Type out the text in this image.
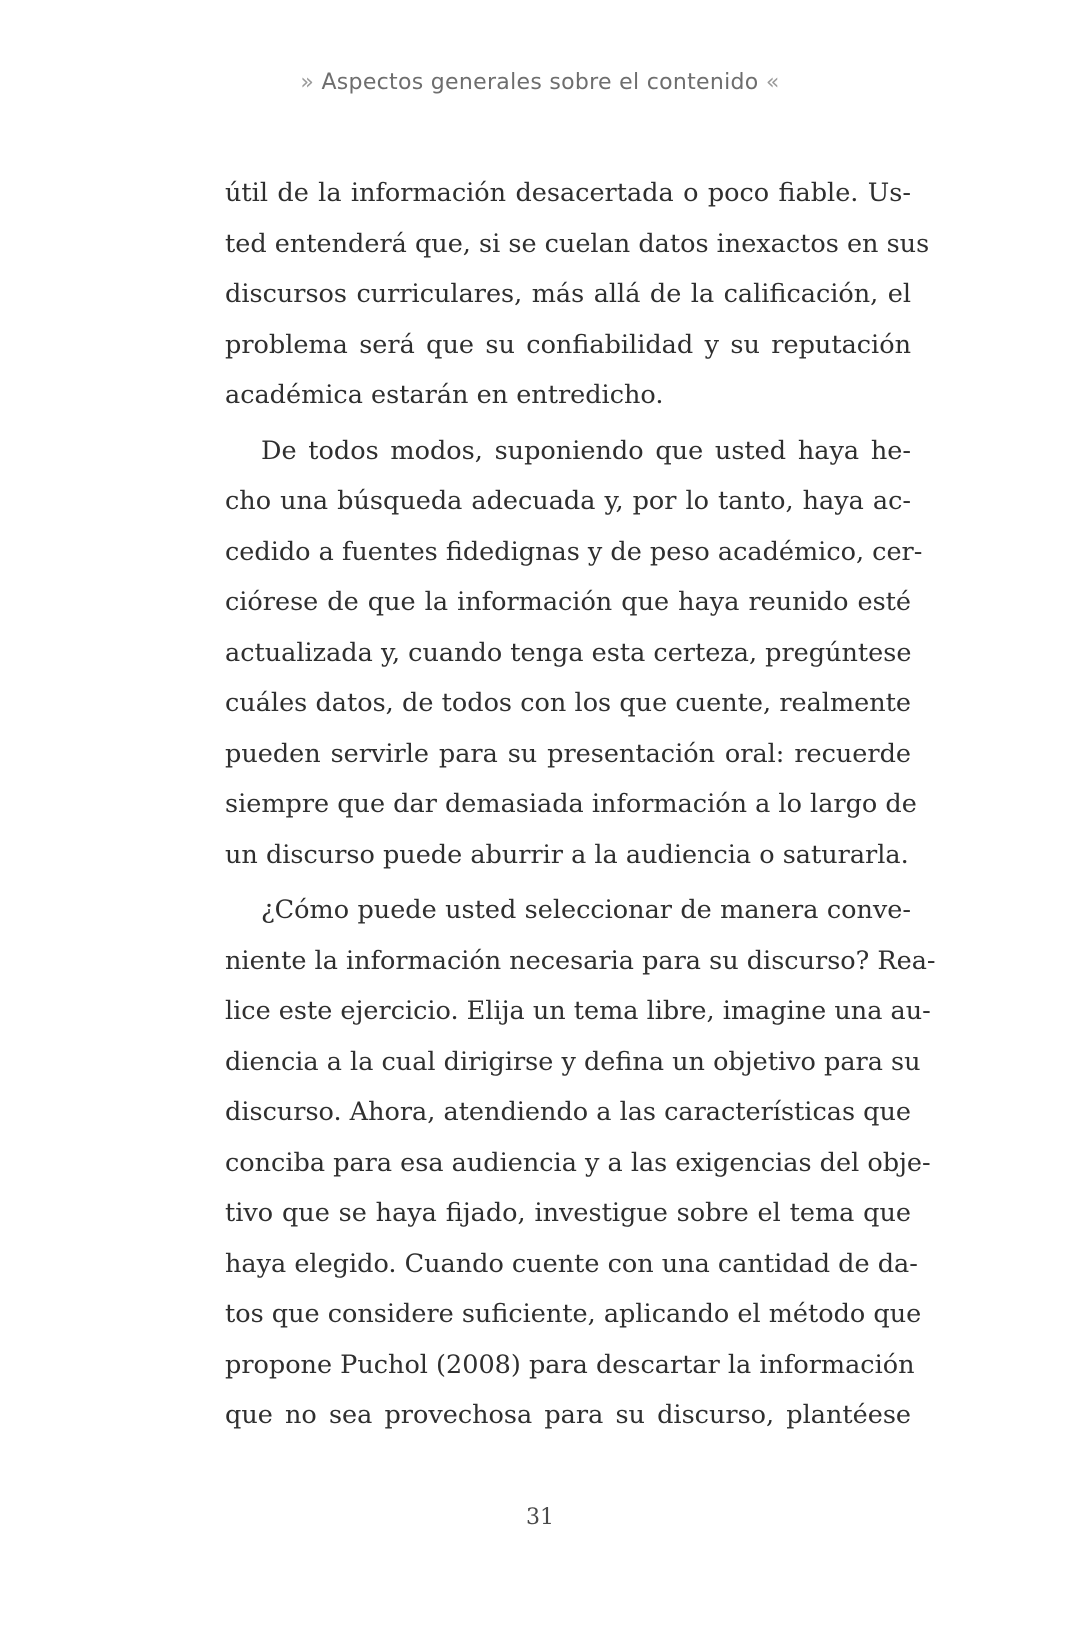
» Aspectos generales sobre el contenido «
útil de la información desacertada o poco fiable. Us-
ted entenderá que, si se cuelan datos inexactos en sus
discursos curriculares, más allá de la calificación, el
problema será que su confiabilidad y su reputación
académica estarán en entredicho.
De todos modos, suponiendo que usted haya he-
cho una búsqueda adecuada y, por lo tanto, haya ac-
cedido a fuentes fidedignas y de peso académico, cer-
ciórese de que la información que haya reunido esté
actualizada y, cuando tenga esta certeza, pregúntese
cuáles datos, de todos con los que cuente, realmente
pueden servirle para su presentación oral: recuerde
siempre que dar demasiada información a lo largo de
un discurso puede aburrir a la audiencia o saturarla.
¿Cómo puede usted seleccionar de manera conve-
niente la información necesaria para su discurso? Rea-
lice este ejercicio. Elija un tema libre, imagine una au-
diencia a la cual dirigirse y defina un objetivo para su
discurso. Ahora, atendiendo a las características que
conciba para esa audiencia y a las exigencias del obje-
tivo que se haya fijado, investigue sobre el tema que
haya elegido. Cuando cuente con una cantidad de da-
tos que considere suficiente, aplicando el método que
propone Puchol (2008) para descartar la información
que no sea provechosa para su discurso, plantéese
31
